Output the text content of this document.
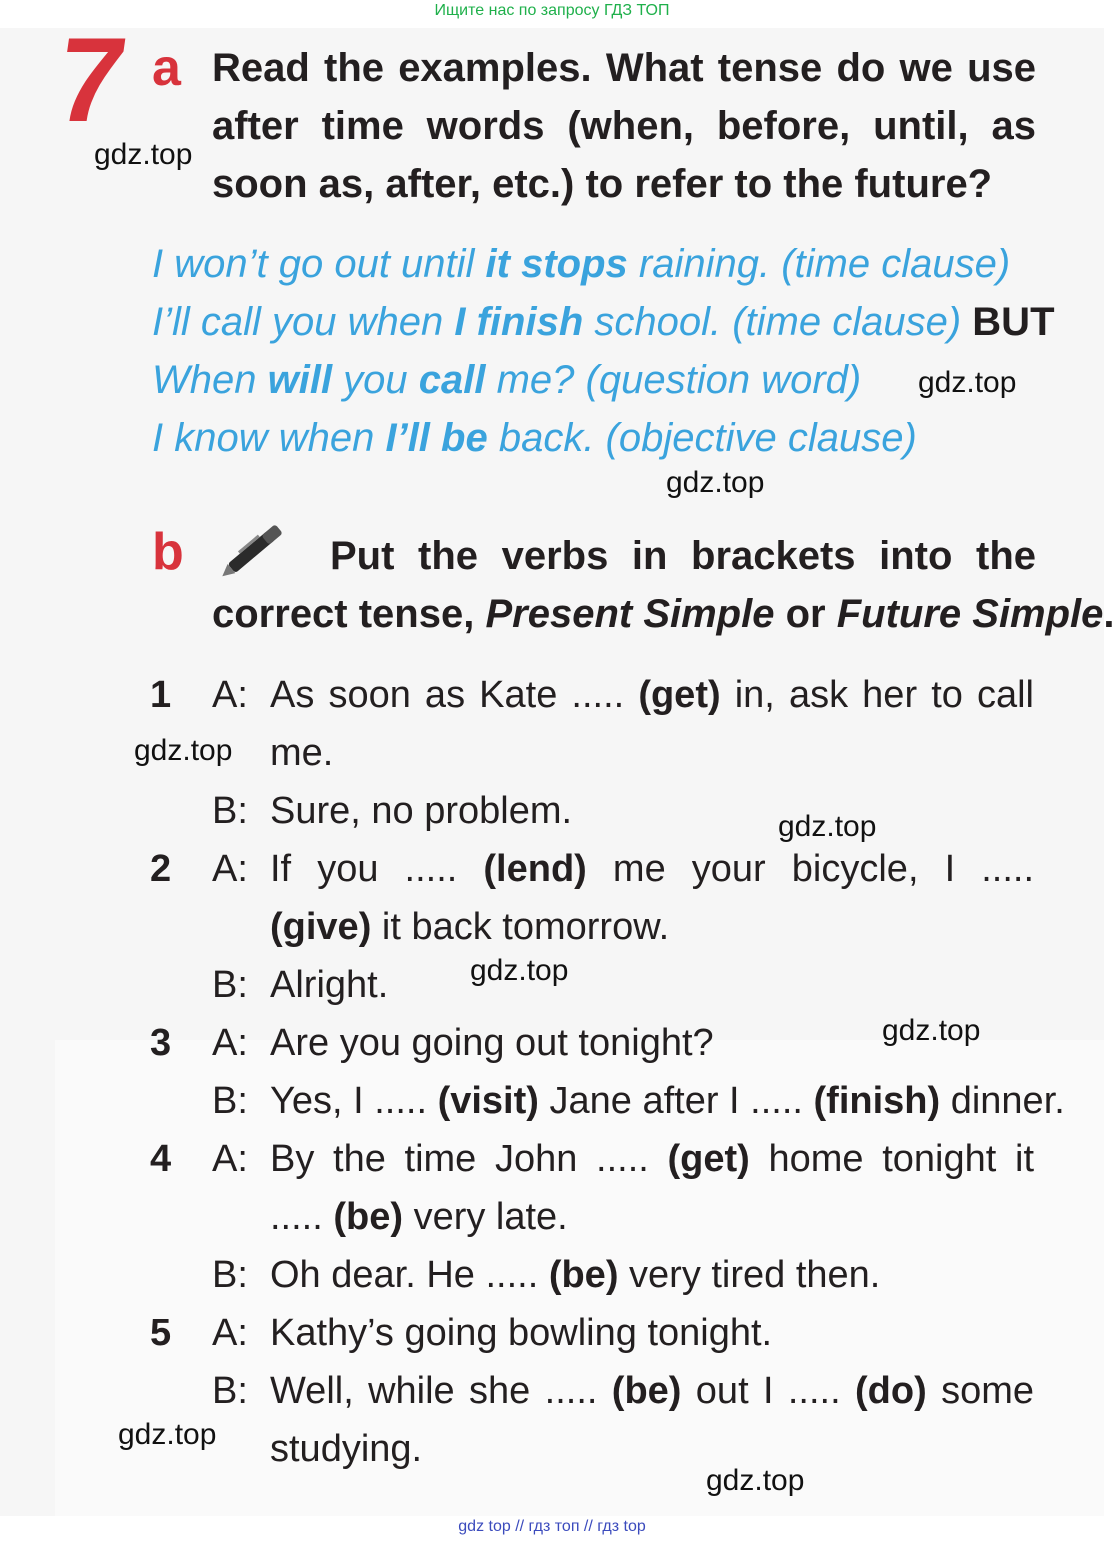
Ищите нас по запросу ГДЗ ТОП
7 a Read the examples. What tense do we use
after time words (when, before, until, as
soon as, after, etc.) to refer to the future?
I won’t go out until it stops raining. (time clause)
I’ll call you when I finish school. (time clause) BUT
When will you call me? (question word)
I know when I’ll be back. (objective clause)
b	Put the verbs in brackets into the
correct tense, Present Simple or Future Simple.
1 A: As soon as Kate ..... (get) in, ask her to call
me.
B: Sure, no problem.
2 A: If you ..... (lend) me your bicycle, I .....
(give) it back tomorrow.
B: Alright.
3 A: Are you going out tonight?
B: Yes, I ..... (visit) Jane after I ..... (finish) dinner.
4 A: By the time John ..... (get) home tonight it
..... (be) very late.
B: Oh dear. He ..... (be) very tired then.
5 A: Kathy’s going bowling tonight.
B: Well, while she ..... (be) out I ..... (do) some
studying.
gdz.top
gdz.top
gdz.top
gdz.top
gdz.top
gdz.top
gdz.top
gdz.top
gdz.top
gdz top // гдз топ // гдз top
